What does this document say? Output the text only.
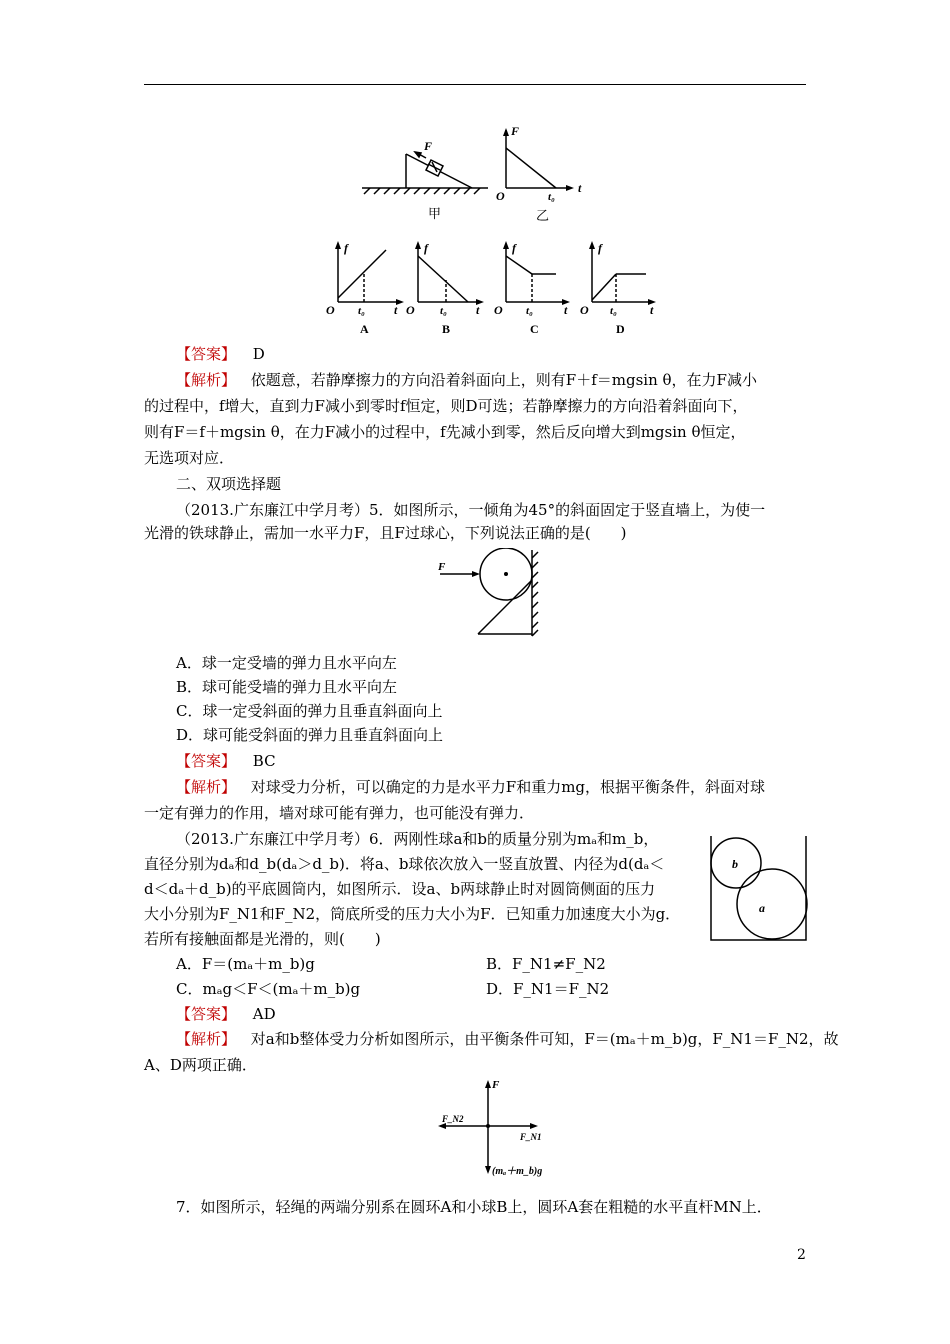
F
甲
F
O	t₀
t
乙
f
O t₀ t
A
f
O t₀ t
B
f
O t₀	t
C
f
O t₀	t
D
【答案】 D
【解析】 依题意，若静摩擦力的方向沿着斜面向上，则有F＋f＝mgsin θ，在力F减小
的过程中，f增大，直到力F减小到零时f恒定，则D可选；若静摩擦力的方向沿着斜面向下，
则有F＝f＋mgsin θ，在力F减小的过程中，f先减小到零，然后反向增大到mgsin θ恒定，
无选项对应．
二、双项选择题
（2013.广东廉江中学月考）5．如图所示，一倾角为45°的斜面固定于竖直墙上，为使一
光滑的铁球静止，需加一水平力F，且F过球心，下列说法正确的是(　　)
F
A．球一定受墙的弹力且水平向左
B．球可能受墙的弹力且水平向左
C．球一定受斜面的弹力且垂直斜面向上
D．球可能受斜面的弹力且垂直斜面向上
【答案】 BC
【解析】 对球受力分析，可以确定的力是水平力F和重力mg，根据平衡条件，斜面对球
一定有弹力的作用，墙对球可能有弹力，也可能没有弹力．
（2013.广东廉江中学月考）6．两刚性球a和b的质量分别为mₐ和m_b，
直径分别为dₐ和d_b(dₐ＞d_b)．将a、b球依次放入一竖直放置、内径为d(dₐ＜
d＜dₐ＋d_b)的平底圆筒内，如图所示．设a、b两球静止时对圆筒侧面的压力
大小分别为F_N1和F_N2，筒底所受的压力大小为F．已知重力加速度大小为g．
若所有接触面都是光滑的，则(　　)
b
a
A．F＝(mₐ＋m_b)g	B．F_N1≠F_N2
C．mₐg＜F＜(mₐ＋m_b)g	D．F_N1＝F_N2
【答案】 AD
【解析】 对a和b整体受力分析如图所示，由平衡条件可知，F＝(mₐ＋m_b)g，F_N1＝F_N2，故
A、D两项正确．
F
F_N2
F_N1
(mₐ＋m_b)g
7．如图所示，轻绳的两端分别系在圆环A和小球B上，圆环A套在粗糙的水平直杆MN上．
2
